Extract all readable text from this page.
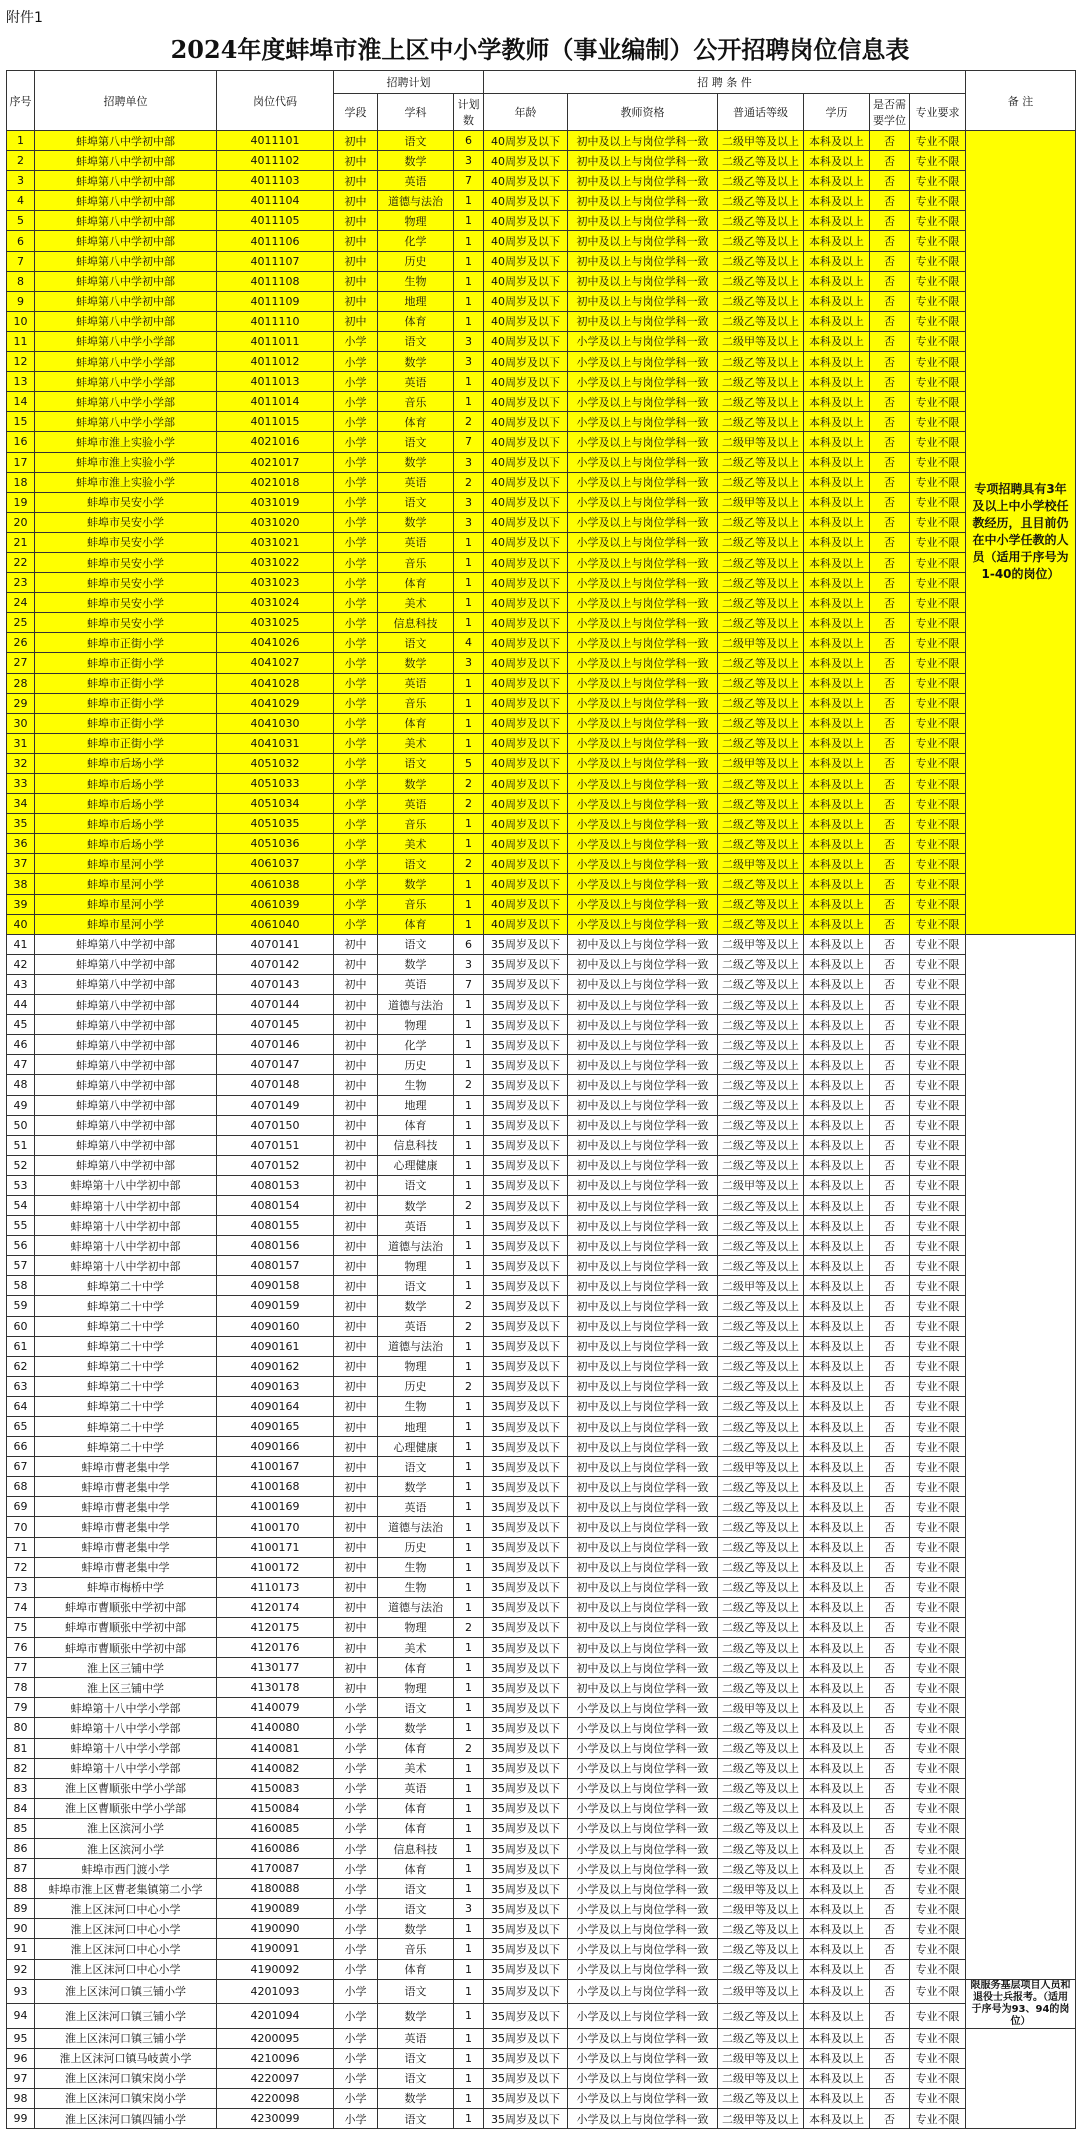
附件1
2024年度蚌埠市淮上区中小学教师（事业编制）公开招聘岗位信息表
序号	招聘单位	岗位代码	招聘计划			招 聘 条 件						备 注
			学段	学科	计划数	年龄	教师资格	普通话等级	学历	是否需要学位	专业要求	
1	蚌埠第八中学初中部	4011101	初中	语文	6	40周岁及以下	初中及以上与岗位学科一致	二级甲等及以上	本科及以上	否	专业不限	专项招聘具有3年及以上中小学校任教经历，且目前仍在中小学任教的人员（适用于序号为1-40的岗位）
2	蚌埠第八中学初中部	4011102	初中	数学	3	40周岁及以下	初中及以上与岗位学科一致	二级乙等及以上	本科及以上	否	专业不限	
3	蚌埠第八中学初中部	4011103	初中	英语	7	40周岁及以下	初中及以上与岗位学科一致	二级乙等及以上	本科及以上	否	专业不限	
4	蚌埠第八中学初中部	4011104	初中	道德与法治	1	40周岁及以下	初中及以上与岗位学科一致	二级乙等及以上	本科及以上	否	专业不限	
5	蚌埠第八中学初中部	4011105	初中	物理	1	40周岁及以下	初中及以上与岗位学科一致	二级乙等及以上	本科及以上	否	专业不限	
6	蚌埠第八中学初中部	4011106	初中	化学	1	40周岁及以下	初中及以上与岗位学科一致	二级乙等及以上	本科及以上	否	专业不限	
7	蚌埠第八中学初中部	4011107	初中	历史	1	40周岁及以下	初中及以上与岗位学科一致	二级乙等及以上	本科及以上	否	专业不限	
8	蚌埠第八中学初中部	4011108	初中	生物	1	40周岁及以下	初中及以上与岗位学科一致	二级乙等及以上	本科及以上	否	专业不限	
9	蚌埠第八中学初中部	4011109	初中	地理	1	40周岁及以下	初中及以上与岗位学科一致	二级乙等及以上	本科及以上	否	专业不限	
10	蚌埠第八中学初中部	4011110	初中	体育	1	40周岁及以下	初中及以上与岗位学科一致	二级乙等及以上	本科及以上	否	专业不限	
11	蚌埠第八中学小学部	4011011	小学	语文	3	40周岁及以下	小学及以上与岗位学科一致	二级甲等及以上	本科及以上	否	专业不限	
12	蚌埠第八中学小学部	4011012	小学	数学	3	40周岁及以下	小学及以上与岗位学科一致	二级乙等及以上	本科及以上	否	专业不限	
13	蚌埠第八中学小学部	4011013	小学	英语	1	40周岁及以下	小学及以上与岗位学科一致	二级乙等及以上	本科及以上	否	专业不限	
14	蚌埠第八中学小学部	4011014	小学	音乐	1	40周岁及以下	小学及以上与岗位学科一致	二级乙等及以上	本科及以上	否	专业不限	
15	蚌埠第八中学小学部	4011015	小学	体育	2	40周岁及以下	小学及以上与岗位学科一致	二级乙等及以上	本科及以上	否	专业不限	
16	蚌埠市淮上实验小学	4021016	小学	语文	7	40周岁及以下	小学及以上与岗位学科一致	二级甲等及以上	本科及以上	否	专业不限	
17	蚌埠市淮上实验小学	4021017	小学	数学	3	40周岁及以下	小学及以上与岗位学科一致	二级乙等及以上	本科及以上	否	专业不限	
18	蚌埠市淮上实验小学	4021018	小学	英语	2	40周岁及以下	小学及以上与岗位学科一致	二级乙等及以上	本科及以上	否	专业不限	
19	蚌埠市吴安小学	4031019	小学	语文	3	40周岁及以下	小学及以上与岗位学科一致	二级甲等及以上	本科及以上	否	专业不限	
20	蚌埠市吴安小学	4031020	小学	数学	3	40周岁及以下	小学及以上与岗位学科一致	二级乙等及以上	本科及以上	否	专业不限	
21	蚌埠市吴安小学	4031021	小学	英语	1	40周岁及以下	小学及以上与岗位学科一致	二级乙等及以上	本科及以上	否	专业不限	
22	蚌埠市吴安小学	4031022	小学	音乐	1	40周岁及以下	小学及以上与岗位学科一致	二级乙等及以上	本科及以上	否	专业不限	
23	蚌埠市吴安小学	4031023	小学	体育	1	40周岁及以下	小学及以上与岗位学科一致	二级乙等及以上	本科及以上	否	专业不限	
24	蚌埠市吴安小学	4031024	小学	美术	1	40周岁及以下	小学及以上与岗位学科一致	二级乙等及以上	本科及以上	否	专业不限	
25	蚌埠市吴安小学	4031025	小学	信息科技	1	40周岁及以下	小学及以上与岗位学科一致	二级乙等及以上	本科及以上	否	专业不限	
26	蚌埠市正街小学	4041026	小学	语文	4	40周岁及以下	小学及以上与岗位学科一致	二级甲等及以上	本科及以上	否	专业不限	
27	蚌埠市正街小学	4041027	小学	数学	3	40周岁及以下	小学及以上与岗位学科一致	二级乙等及以上	本科及以上	否	专业不限	
28	蚌埠市正街小学	4041028	小学	英语	1	40周岁及以下	小学及以上与岗位学科一致	二级乙等及以上	本科及以上	否	专业不限	
29	蚌埠市正街小学	4041029	小学	音乐	1	40周岁及以下	小学及以上与岗位学科一致	二级乙等及以上	本科及以上	否	专业不限	
30	蚌埠市正街小学	4041030	小学	体育	1	40周岁及以下	小学及以上与岗位学科一致	二级乙等及以上	本科及以上	否	专业不限	
31	蚌埠市正街小学	4041031	小学	美术	1	40周岁及以下	小学及以上与岗位学科一致	二级乙等及以上	本科及以上	否	专业不限	
32	蚌埠市后场小学	4051032	小学	语文	5	40周岁及以下	小学及以上与岗位学科一致	二级甲等及以上	本科及以上	否	专业不限	
33	蚌埠市后场小学	4051033	小学	数学	2	40周岁及以下	小学及以上与岗位学科一致	二级乙等及以上	本科及以上	否	专业不限	
34	蚌埠市后场小学	4051034	小学	英语	2	40周岁及以下	小学及以上与岗位学科一致	二级乙等及以上	本科及以上	否	专业不限	
35	蚌埠市后场小学	4051035	小学	音乐	1	40周岁及以下	小学及以上与岗位学科一致	二级乙等及以上	本科及以上	否	专业不限	
36	蚌埠市后场小学	4051036	小学	美术	1	40周岁及以下	小学及以上与岗位学科一致	二级乙等及以上	本科及以上	否	专业不限	
37	蚌埠市星河小学	4061037	小学	语文	2	40周岁及以下	小学及以上与岗位学科一致	二级甲等及以上	本科及以上	否	专业不限	
38	蚌埠市星河小学	4061038	小学	数学	1	40周岁及以下	小学及以上与岗位学科一致	二级乙等及以上	本科及以上	否	专业不限	
39	蚌埠市星河小学	4061039	小学	音乐	1	40周岁及以下	小学及以上与岗位学科一致	二级乙等及以上	本科及以上	否	专业不限	
40	蚌埠市星河小学	4061040	小学	体育	1	40周岁及以下	小学及以上与岗位学科一致	二级乙等及以上	本科及以上	否	专业不限	
41	蚌埠第八中学初中部	4070141	初中	语文	6	35周岁及以下	初中及以上与岗位学科一致	二级甲等及以上	本科及以上	否	专业不限	
42	蚌埠第八中学初中部	4070142	初中	数学	3	35周岁及以下	初中及以上与岗位学科一致	二级乙等及以上	本科及以上	否	专业不限	
43	蚌埠第八中学初中部	4070143	初中	英语	7	35周岁及以下	初中及以上与岗位学科一致	二级乙等及以上	本科及以上	否	专业不限	
44	蚌埠第八中学初中部	4070144	初中	道德与法治	1	35周岁及以下	初中及以上与岗位学科一致	二级乙等及以上	本科及以上	否	专业不限	
45	蚌埠第八中学初中部	4070145	初中	物理	1	35周岁及以下	初中及以上与岗位学科一致	二级乙等及以上	本科及以上	否	专业不限	
46	蚌埠第八中学初中部	4070146	初中	化学	1	35周岁及以下	初中及以上与岗位学科一致	二级乙等及以上	本科及以上	否	专业不限	
47	蚌埠第八中学初中部	4070147	初中	历史	1	35周岁及以下	初中及以上与岗位学科一致	二级乙等及以上	本科及以上	否	专业不限	
48	蚌埠第八中学初中部	4070148	初中	生物	2	35周岁及以下	初中及以上与岗位学科一致	二级乙等及以上	本科及以上	否	专业不限	
49	蚌埠第八中学初中部	4070149	初中	地理	1	35周岁及以下	初中及以上与岗位学科一致	二级乙等及以上	本科及以上	否	专业不限	
50	蚌埠第八中学初中部	4070150	初中	体育	1	35周岁及以下	初中及以上与岗位学科一致	二级乙等及以上	本科及以上	否	专业不限	
51	蚌埠第八中学初中部	4070151	初中	信息科技	1	35周岁及以下	初中及以上与岗位学科一致	二级乙等及以上	本科及以上	否	专业不限	
52	蚌埠第八中学初中部	4070152	初中	心理健康	1	35周岁及以下	初中及以上与岗位学科一致	二级乙等及以上	本科及以上	否	专业不限	
53	蚌埠第十八中学初中部	4080153	初中	语文	1	35周岁及以下	初中及以上与岗位学科一致	二级甲等及以上	本科及以上	否	专业不限	
54	蚌埠第十八中学初中部	4080154	初中	数学	2	35周岁及以下	初中及以上与岗位学科一致	二级乙等及以上	本科及以上	否	专业不限	
55	蚌埠第十八中学初中部	4080155	初中	英语	1	35周岁及以下	初中及以上与岗位学科一致	二级乙等及以上	本科及以上	否	专业不限	
56	蚌埠第十八中学初中部	4080156	初中	道德与法治	1	35周岁及以下	初中及以上与岗位学科一致	二级乙等及以上	本科及以上	否	专业不限	
57	蚌埠第十八中学初中部	4080157	初中	物理	1	35周岁及以下	初中及以上与岗位学科一致	二级乙等及以上	本科及以上	否	专业不限	
58	蚌埠第二十中学	4090158	初中	语文	1	35周岁及以下	初中及以上与岗位学科一致	二级甲等及以上	本科及以上	否	专业不限	
59	蚌埠第二十中学	4090159	初中	数学	2	35周岁及以下	初中及以上与岗位学科一致	二级乙等及以上	本科及以上	否	专业不限	
60	蚌埠第二十中学	4090160	初中	英语	2	35周岁及以下	初中及以上与岗位学科一致	二级乙等及以上	本科及以上	否	专业不限	
61	蚌埠第二十中学	4090161	初中	道德与法治	1	35周岁及以下	初中及以上与岗位学科一致	二级乙等及以上	本科及以上	否	专业不限	
62	蚌埠第二十中学	4090162	初中	物理	1	35周岁及以下	初中及以上与岗位学科一致	二级乙等及以上	本科及以上	否	专业不限	
63	蚌埠第二十中学	4090163	初中	历史	2	35周岁及以下	初中及以上与岗位学科一致	二级乙等及以上	本科及以上	否	专业不限	
64	蚌埠第二十中学	4090164	初中	生物	1	35周岁及以下	初中及以上与岗位学科一致	二级乙等及以上	本科及以上	否	专业不限	
65	蚌埠第二十中学	4090165	初中	地理	1	35周岁及以下	初中及以上与岗位学科一致	二级乙等及以上	本科及以上	否	专业不限	
66	蚌埠第二十中学	4090166	初中	心理健康	1	35周岁及以下	初中及以上与岗位学科一致	二级乙等及以上	本科及以上	否	专业不限	
67	蚌埠市曹老集中学	4100167	初中	语文	1	35周岁及以下	初中及以上与岗位学科一致	二级甲等及以上	本科及以上	否	专业不限	
68	蚌埠市曹老集中学	4100168	初中	数学	1	35周岁及以下	初中及以上与岗位学科一致	二级乙等及以上	本科及以上	否	专业不限	
69	蚌埠市曹老集中学	4100169	初中	英语	1	35周岁及以下	初中及以上与岗位学科一致	二级乙等及以上	本科及以上	否	专业不限	
70	蚌埠市曹老集中学	4100170	初中	道德与法治	1	35周岁及以下	初中及以上与岗位学科一致	二级乙等及以上	本科及以上	否	专业不限	
71	蚌埠市曹老集中学	4100171	初中	历史	1	35周岁及以下	初中及以上与岗位学科一致	二级乙等及以上	本科及以上	否	专业不限	
72	蚌埠市曹老集中学	4100172	初中	生物	1	35周岁及以下	初中及以上与岗位学科一致	二级乙等及以上	本科及以上	否	专业不限	
73	蚌埠市梅桥中学	4110173	初中	生物	1	35周岁及以下	初中及以上与岗位学科一致	二级乙等及以上	本科及以上	否	专业不限	
74	蚌埠市曹顺张中学初中部	4120174	初中	道德与法治	1	35周岁及以下	初中及以上与岗位学科一致	二级乙等及以上	本科及以上	否	专业不限	
75	蚌埠市曹顺张中学初中部	4120175	初中	物理	2	35周岁及以下	初中及以上与岗位学科一致	二级乙等及以上	本科及以上	否	专业不限	
76	蚌埠市曹顺张中学初中部	4120176	初中	美术	1	35周岁及以下	初中及以上与岗位学科一致	二级乙等及以上	本科及以上	否	专业不限	
77	淮上区三铺中学	4130177	初中	体育	1	35周岁及以下	初中及以上与岗位学科一致	二级乙等及以上	本科及以上	否	专业不限	
78	淮上区三铺中学	4130178	初中	物理	1	35周岁及以下	初中及以上与岗位学科一致	二级乙等及以上	本科及以上	否	专业不限	
79	蚌埠第十八中学小学部	4140079	小学	语文	1	35周岁及以下	小学及以上与岗位学科一致	二级甲等及以上	本科及以上	否	专业不限	
80	蚌埠第十八中学小学部	4140080	小学	数学	1	35周岁及以下	小学及以上与岗位学科一致	二级乙等及以上	本科及以上	否	专业不限	
81	蚌埠第十八中学小学部	4140081	小学	体育	2	35周岁及以下	小学及以上与岗位学科一致	二级乙等及以上	本科及以上	否	专业不限	
82	蚌埠第十八中学小学部	4140082	小学	美术	1	35周岁及以下	小学及以上与岗位学科一致	二级乙等及以上	本科及以上	否	专业不限	
83	淮上区曹顺张中学小学部	4150083	小学	英语	1	35周岁及以下	小学及以上与岗位学科一致	二级乙等及以上	本科及以上	否	专业不限	
84	淮上区曹顺张中学小学部	4150084	小学	体育	1	35周岁及以下	小学及以上与岗位学科一致	二级乙等及以上	本科及以上	否	专业不限	
85	淮上区滨河小学	4160085	小学	体育	1	35周岁及以下	小学及以上与岗位学科一致	二级乙等及以上	本科及以上	否	专业不限	
86	淮上区滨河小学	4160086	小学	信息科技	1	35周岁及以下	小学及以上与岗位学科一致	二级乙等及以上	本科及以上	否	专业不限	
87	蚌埠市西门渡小学	4170087	小学	体育	1	35周岁及以下	小学及以上与岗位学科一致	二级乙等及以上	本科及以上	否	专业不限	
88	蚌埠市淮上区曹老集镇第二小学	4180088	小学	语文	1	35周岁及以下	小学及以上与岗位学科一致	二级甲等及以上	本科及以上	否	专业不限	
89	淮上区沫河口中心小学	4190089	小学	语文	3	35周岁及以下	小学及以上与岗位学科一致	二级甲等及以上	本科及以上	否	专业不限	
90	淮上区沫河口中心小学	4190090	小学	数学	1	35周岁及以下	小学及以上与岗位学科一致	二级乙等及以上	本科及以上	否	专业不限	
91	淮上区沫河口中心小学	4190091	小学	音乐	1	35周岁及以下	小学及以上与岗位学科一致	二级乙等及以上	本科及以上	否	专业不限	
92	淮上区沫河口中心小学	4190092	小学	体育	1	35周岁及以下	小学及以上与岗位学科一致	二级乙等及以上	本科及以上	否	专业不限	
93	淮上区沫河口镇三铺小学	4201093	小学	语文	1	35周岁及以下	小学及以上与岗位学科一致	二级甲等及以上	本科及以上	否	专业不限	限服务基层项目人员和退役士兵报考。（适用于序号为93、94的岗位）
94	淮上区沫河口镇三铺小学	4201094	小学	数学	1	35周岁及以下	小学及以上与岗位学科一致	二级乙等及以上	本科及以上	否	专业不限	
95	淮上区沫河口镇三铺小学	4200095	小学	英语	1	35周岁及以下	小学及以上与岗位学科一致	二级乙等及以上	本科及以上	否	专业不限	
96	淮上区沫河口镇马岐黄小学	4210096	小学	语文	1	35周岁及以下	小学及以上与岗位学科一致	二级甲等及以上	本科及以上	否	专业不限	
97	淮上区沫河口镇宋岗小学	4220097	小学	语文	1	35周岁及以下	小学及以上与岗位学科一致	二级甲等及以上	本科及以上	否	专业不限	
98	淮上区沫河口镇宋岗小学	4220098	小学	数学	1	35周岁及以下	小学及以上与岗位学科一致	二级乙等及以上	本科及以上	否	专业不限	
99	淮上区沫河口镇四铺小学	4230099	小学	语文	1	35周岁及以下	小学及以上与岗位学科一致	二级甲等及以上	本科及以上	否	专业不限	
